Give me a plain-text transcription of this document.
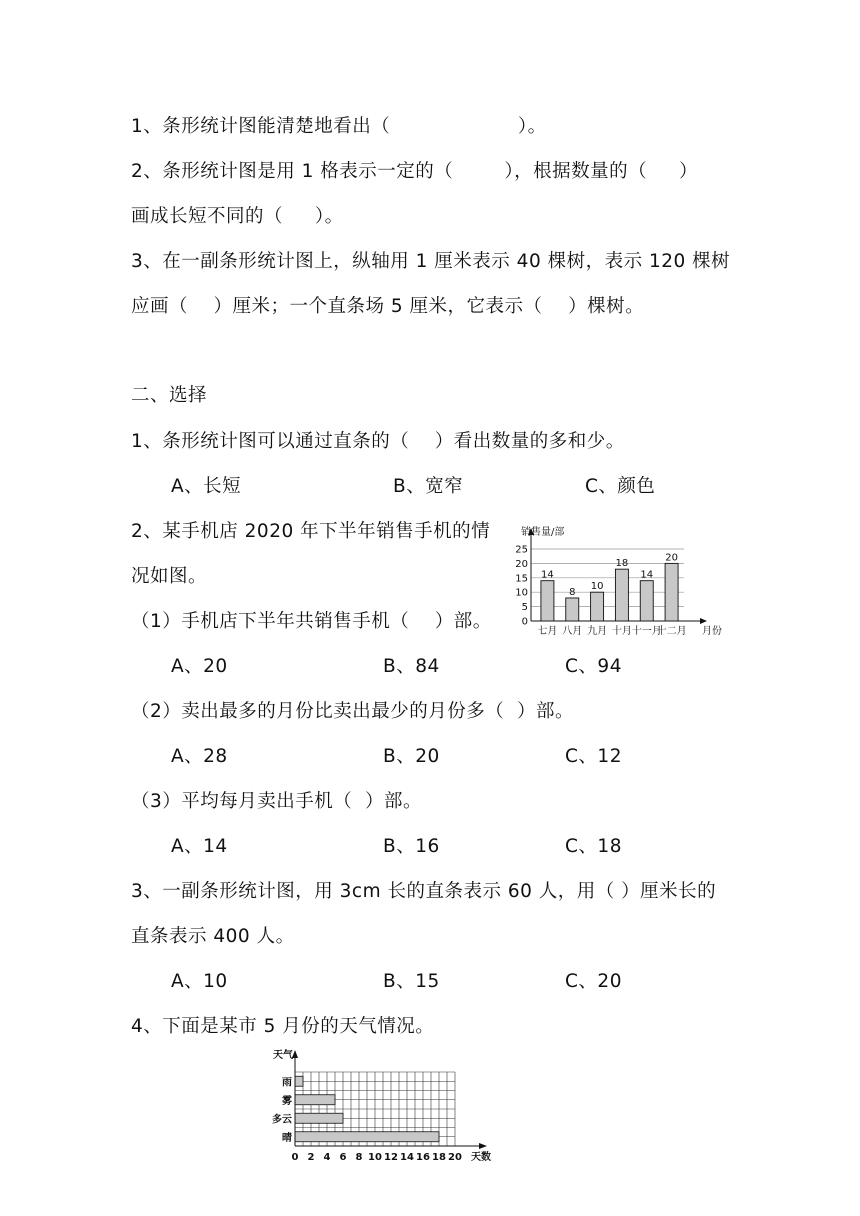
1、条形统计图能清楚地看出（                    ）。
2、条形统计图是用 1 格表示一定的（        ），根据数量的（     ）
画成长短不同的（     ）。
3、在一副条形统计图上，纵轴用 1 厘米表示 40 棵树，表示 120 棵树
应画（    ）厘米；一个直条场 5 厘米，它表示（    ）棵树。
二、选择
1、条形统计图可以通过直条的（    ）看出数量的多和少。
A、长短	B、宽窄	C、颜色
2、某手机店 2020 年下半年销售手机的情
况如图。
0
5
10
15
20
25
销售量/部
月份
14
七月
8
八月
10
九月
18
十月
14
十一月
20
十二月
（1）手机店下半年共销售手机（    ）部。
A、20	B、84	C、94
（2）卖出最多的月份比卖出最少的月份多（  ）部。
A、28	B、20	C、12
（3）平均每月卖出手机（  ）部。
A、14	B、16	C、18
3、一副条形统计图，用 3cm 长的直条表示 60 人，用（ ）厘米长的
直条表示 400 人。
A、10	B、15	C、20
4、下面是某市 5 月份的天气情况。
雨
雾
多云
晴
天气
0 2 4 6 8 10 12 14 16 18 20 天数
